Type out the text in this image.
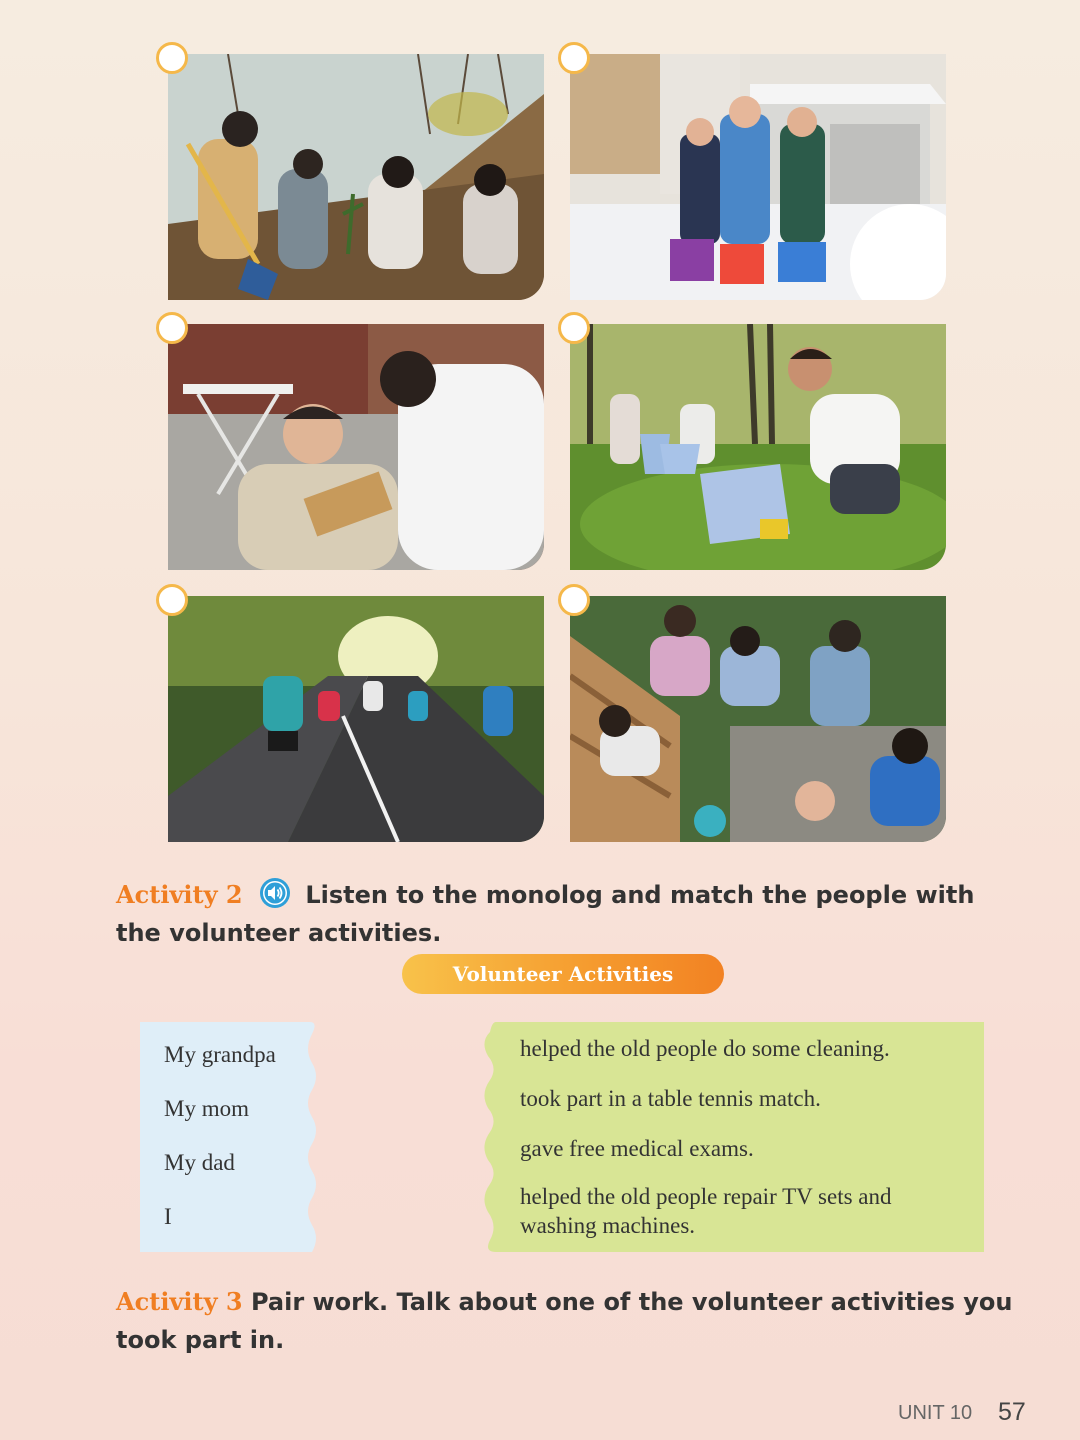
Activity 2	Listen to the monolog and match the people with the volunteer activities.
Volunteer Activities
My grandpa
My mom
My dad
I
helped the old people do some cleaning.
took part in a table tennis match.
gave free medical exams.
helped the old people repair TV sets and washing machines.
Activity 3 Pair work. Talk about one of the volunteer activities you took part in.
UNIT 10 57
